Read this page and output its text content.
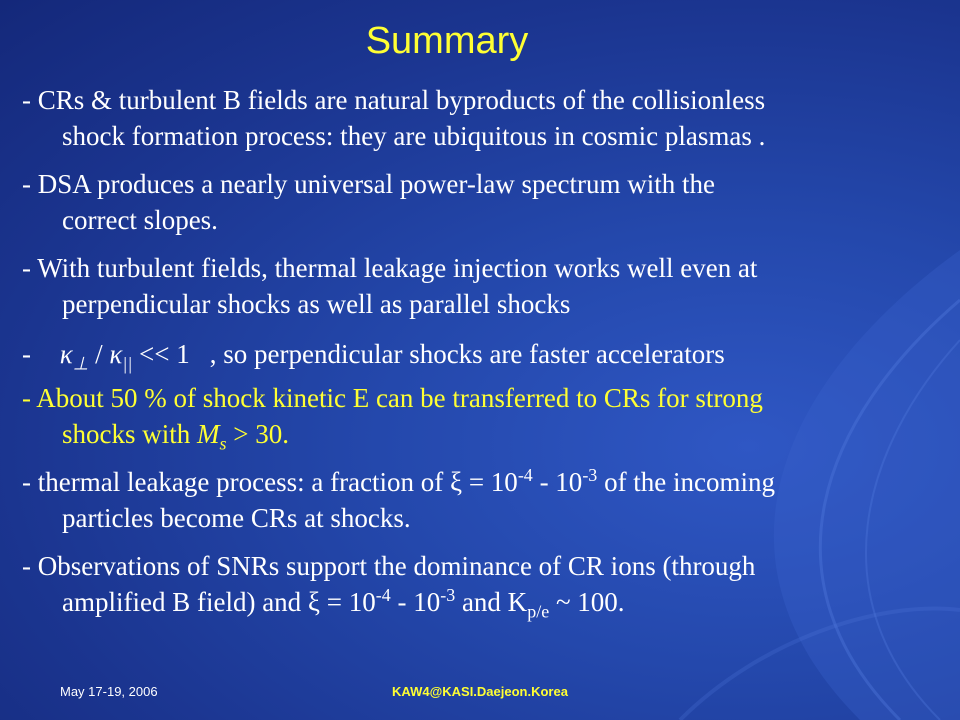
Summary
- CRs & turbulent B fields are natural byproducts of the collisionless
shock formation process: they are ubiquitous in cosmic plasmas .
- DSA produces a nearly universal power-law spectrum with the
correct slopes.
- With turbulent fields, thermal leakage injection works well even at
perpendicular shocks as well as parallel shocks
- $\kappa_\perp / \kappa_{||} << 1$ , so perpendicular shocks are faster accelerators
- About 50 % of shock kinetic E can be transferred to CRs for strong
shocks with $M_s > 30$.
- thermal leakage process: a fraction of $\xi = 10^{-4} - 10^{-3}$ of the incoming
particles become CRs at shocks.
- Observations of SNRs support the dominance of CR ions (through
amplified B field) and $\xi = 10^{-4} - 10^{-3}$ and $K_{p/e}$ ~ 100.
May 17-19, 2006	KAW4@KASI.Daejeon.Korea
